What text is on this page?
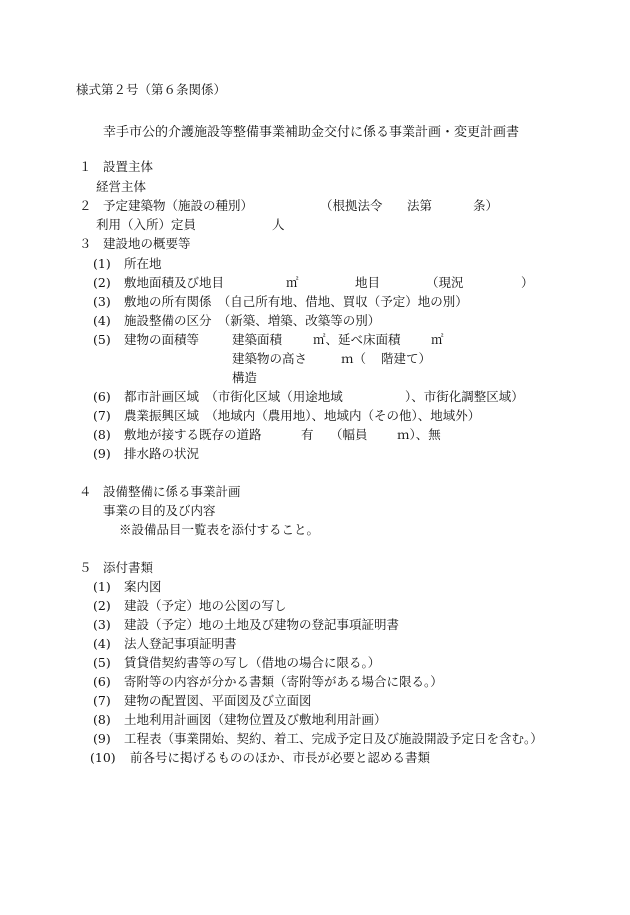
様式第２号（第６条関係）
幸手市公的介護施設等整備事業補助金交付に係る事業計画・変更計画書
１ 設置主体
経営主体
２ 予定建築物（施設の種別）	（根拠法令 法第	条）
利用（入所）定員	人
３ 建設地の概要等
(1) 所在地
(2) 敷地面積及び地目	㎡	地目	（現況	）
(3) 敷地の所有関係　（自己所有地、借地、買収（予定）地の別）
(4) 施設整備の区分　（新築、増築、改築等の別）
(5) 建物の面積等	建築面積 ㎡、延べ床面積 ㎡
建築物の高さ	ｍ（ 階建て）
構造
(6) 都市計画区域　（市街化区域（用途地域	）、市街化調整区域）
(7) 農業振興区域　（地域内（農用地）、地域内（その他）、地域外）
(8) 敷地が接する既存の道路	有 （幅員 ｍ）、無
(9) 排水路の状況
４ 設備整備に係る事業計画
事業の目的及び内容
※設備品目一覧表を添付すること。
５ 添付書類
(1) 案内図
(2) 建設（予定）地の公図の写し
(3) 建設（予定）地の土地及び建物の登記事項証明書
(4) 法人登記事項証明書
(5) 賃貸借契約書等の写し（借地の場合に限る。）
(6) 寄附等の内容が分かる書類（寄附等がある場合に限る。）
(7) 建物の配置図、平面図及び立面図
(8) 土地利用計画図（建物位置及び敷地利用計画）
(9) 工程表（事業開始、契約、着工、完成予定日及び施設開設予定日を含む。）
(10) 前各号に掲げるもののほか、市長が必要と認める書類
